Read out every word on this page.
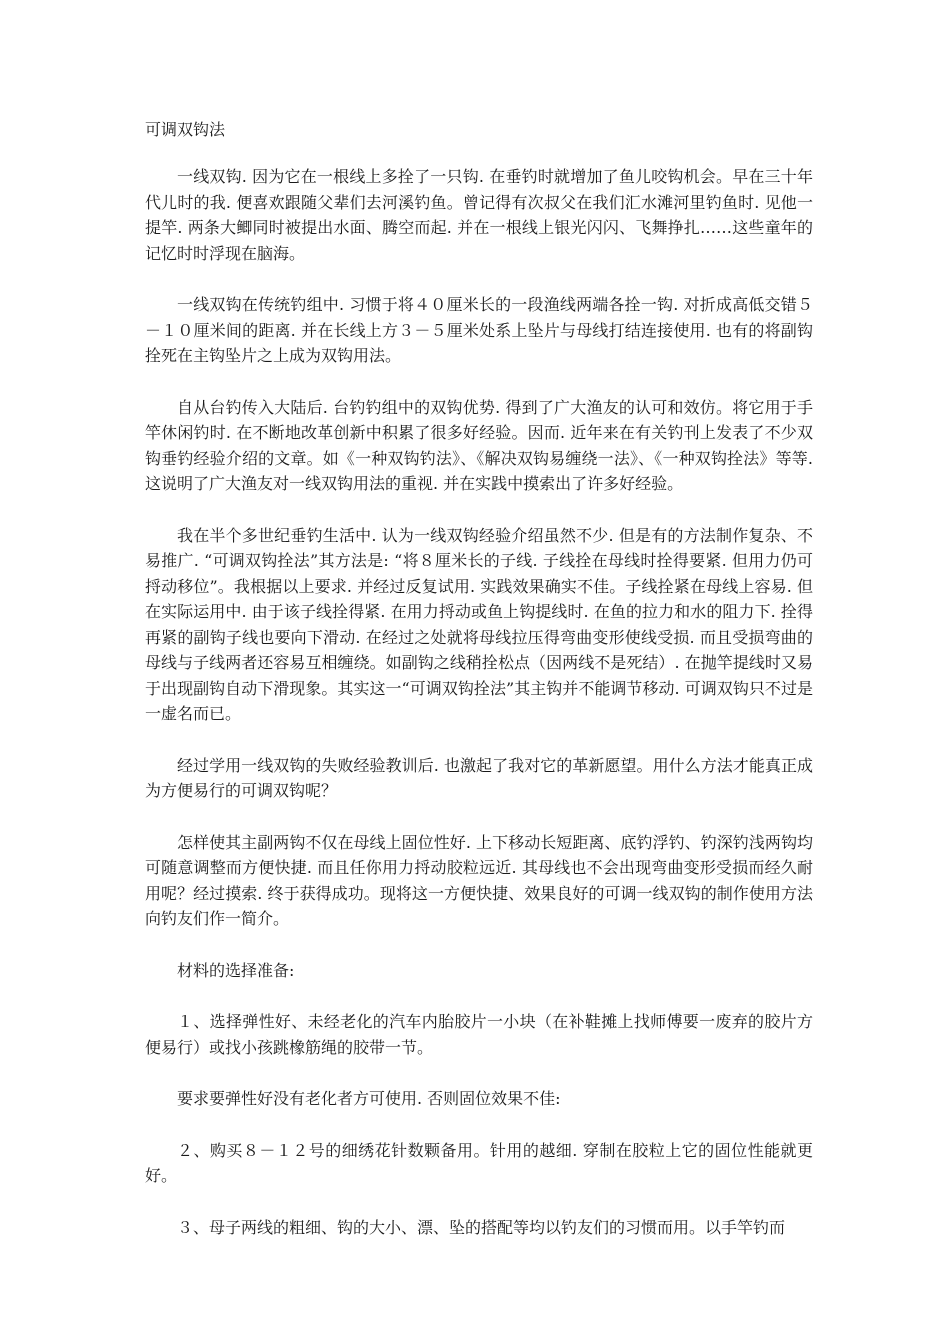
可调双钩法

一线双钩. 因为它在一根线上多拴了一只钩. 在垂钓时就增加了鱼儿咬钩机会。早在三十年代儿时的我. 便喜欢跟随父辈们去河溪钓鱼。曾记得有次叔父在我们汇水滩河里钓鱼时. 见他一提竿. 两条大鲫同时被提出水面、腾空而起. 并在一根线上银光闪闪、飞舞挣扎……这些童年的记忆时时浮现在脑海。

一线双钩在传统钓组中. 习惯于将４０厘米长的一段渔线两端各拴一钩. 对折成高低交错５－１０厘米间的距离. 并在长线上方３－５厘米处系上坠片与母线打结连接使用. 也有的将副钩拴死在主钩坠片之上成为双钩用法。

自从台钓传入大陆后. 台钓钓组中的双钩优势. 得到了广大渔友的认可和效仿。将它用于手竿休闲钓时. 在不断地改革创新中积累了很多好经验。因而. 近年来在有关钓刊上发表了不少双钩垂钓经验介绍的文章。如《一种双钩钓法》、《解决双钩易缠绕一法》、《一种双钩拴法》等等. 这说明了广大渔友对一线双钩用法的重视. 并在实践中摸索出了许多好经验。

我在半个多世纪垂钓生活中. 认为一线双钩经验介绍虽然不少. 但是有的方法制作复杂、不易推广. “可调双钩拴法”其方法是: “将８厘米长的子线. 子线拴在母线时拴得要紧. 但用力仍可捋动移位”。我根据以上要求. 并经过反复试用. 实践效果确实不佳。子线拴紧在母线上容易. 但在实际运用中. 由于该子线拴得紧. 在用力捋动或鱼上钩提线时. 在鱼的拉力和水的阻力下. 拴得再紧的副钩子线也要向下滑动. 在经过之处就将母线拉压得弯曲变形使线受损. 而且受损弯曲的母线与子线两者还容易互相缠绕。如副钩之线稍拴松点（因两线不是死结）. 在抛竿提线时又易于出现副钩自动下滑现象。其实这一“可调双钩拴法”其主钩并不能调节移动. 可调双钩只不过是一虚名而已。

经过学用一线双钩的失败经验教训后. 也激起了我对它的革新愿望。用什么方法才能真正成为方便易行的可调双钩呢？

怎样使其主副两钩不仅在母线上固位性好. 上下移动长短距离、底钓浮钓、钓深钓浅两钩均可随意调整而方便快捷. 而且任你用力捋动胶粒远近. 其母线也不会出现弯曲变形受损而经久耐用呢？经过摸索. 终于获得成功。现将这一方便快捷、效果良好的可调一线双钩的制作使用方法向钓友们作一简介。

材料的选择准备:

１、选择弹性好、未经老化的汽车内胎胶片一小块（在补鞋摊上找师傅要一废弃的胶片方便易行）或找小孩跳橡筋绳的胶带一节。

要求要弹性好没有老化者方可使用. 否则固位效果不佳:

２、购买８－１２号的细绣花针数颗备用。针用的越细. 穿制在胶粒上它的固位性能就更好。

３、母子两线的粗细、钩的大小、漂、坠的搭配等均以钓友们的习惯而用。以手竿钓而
